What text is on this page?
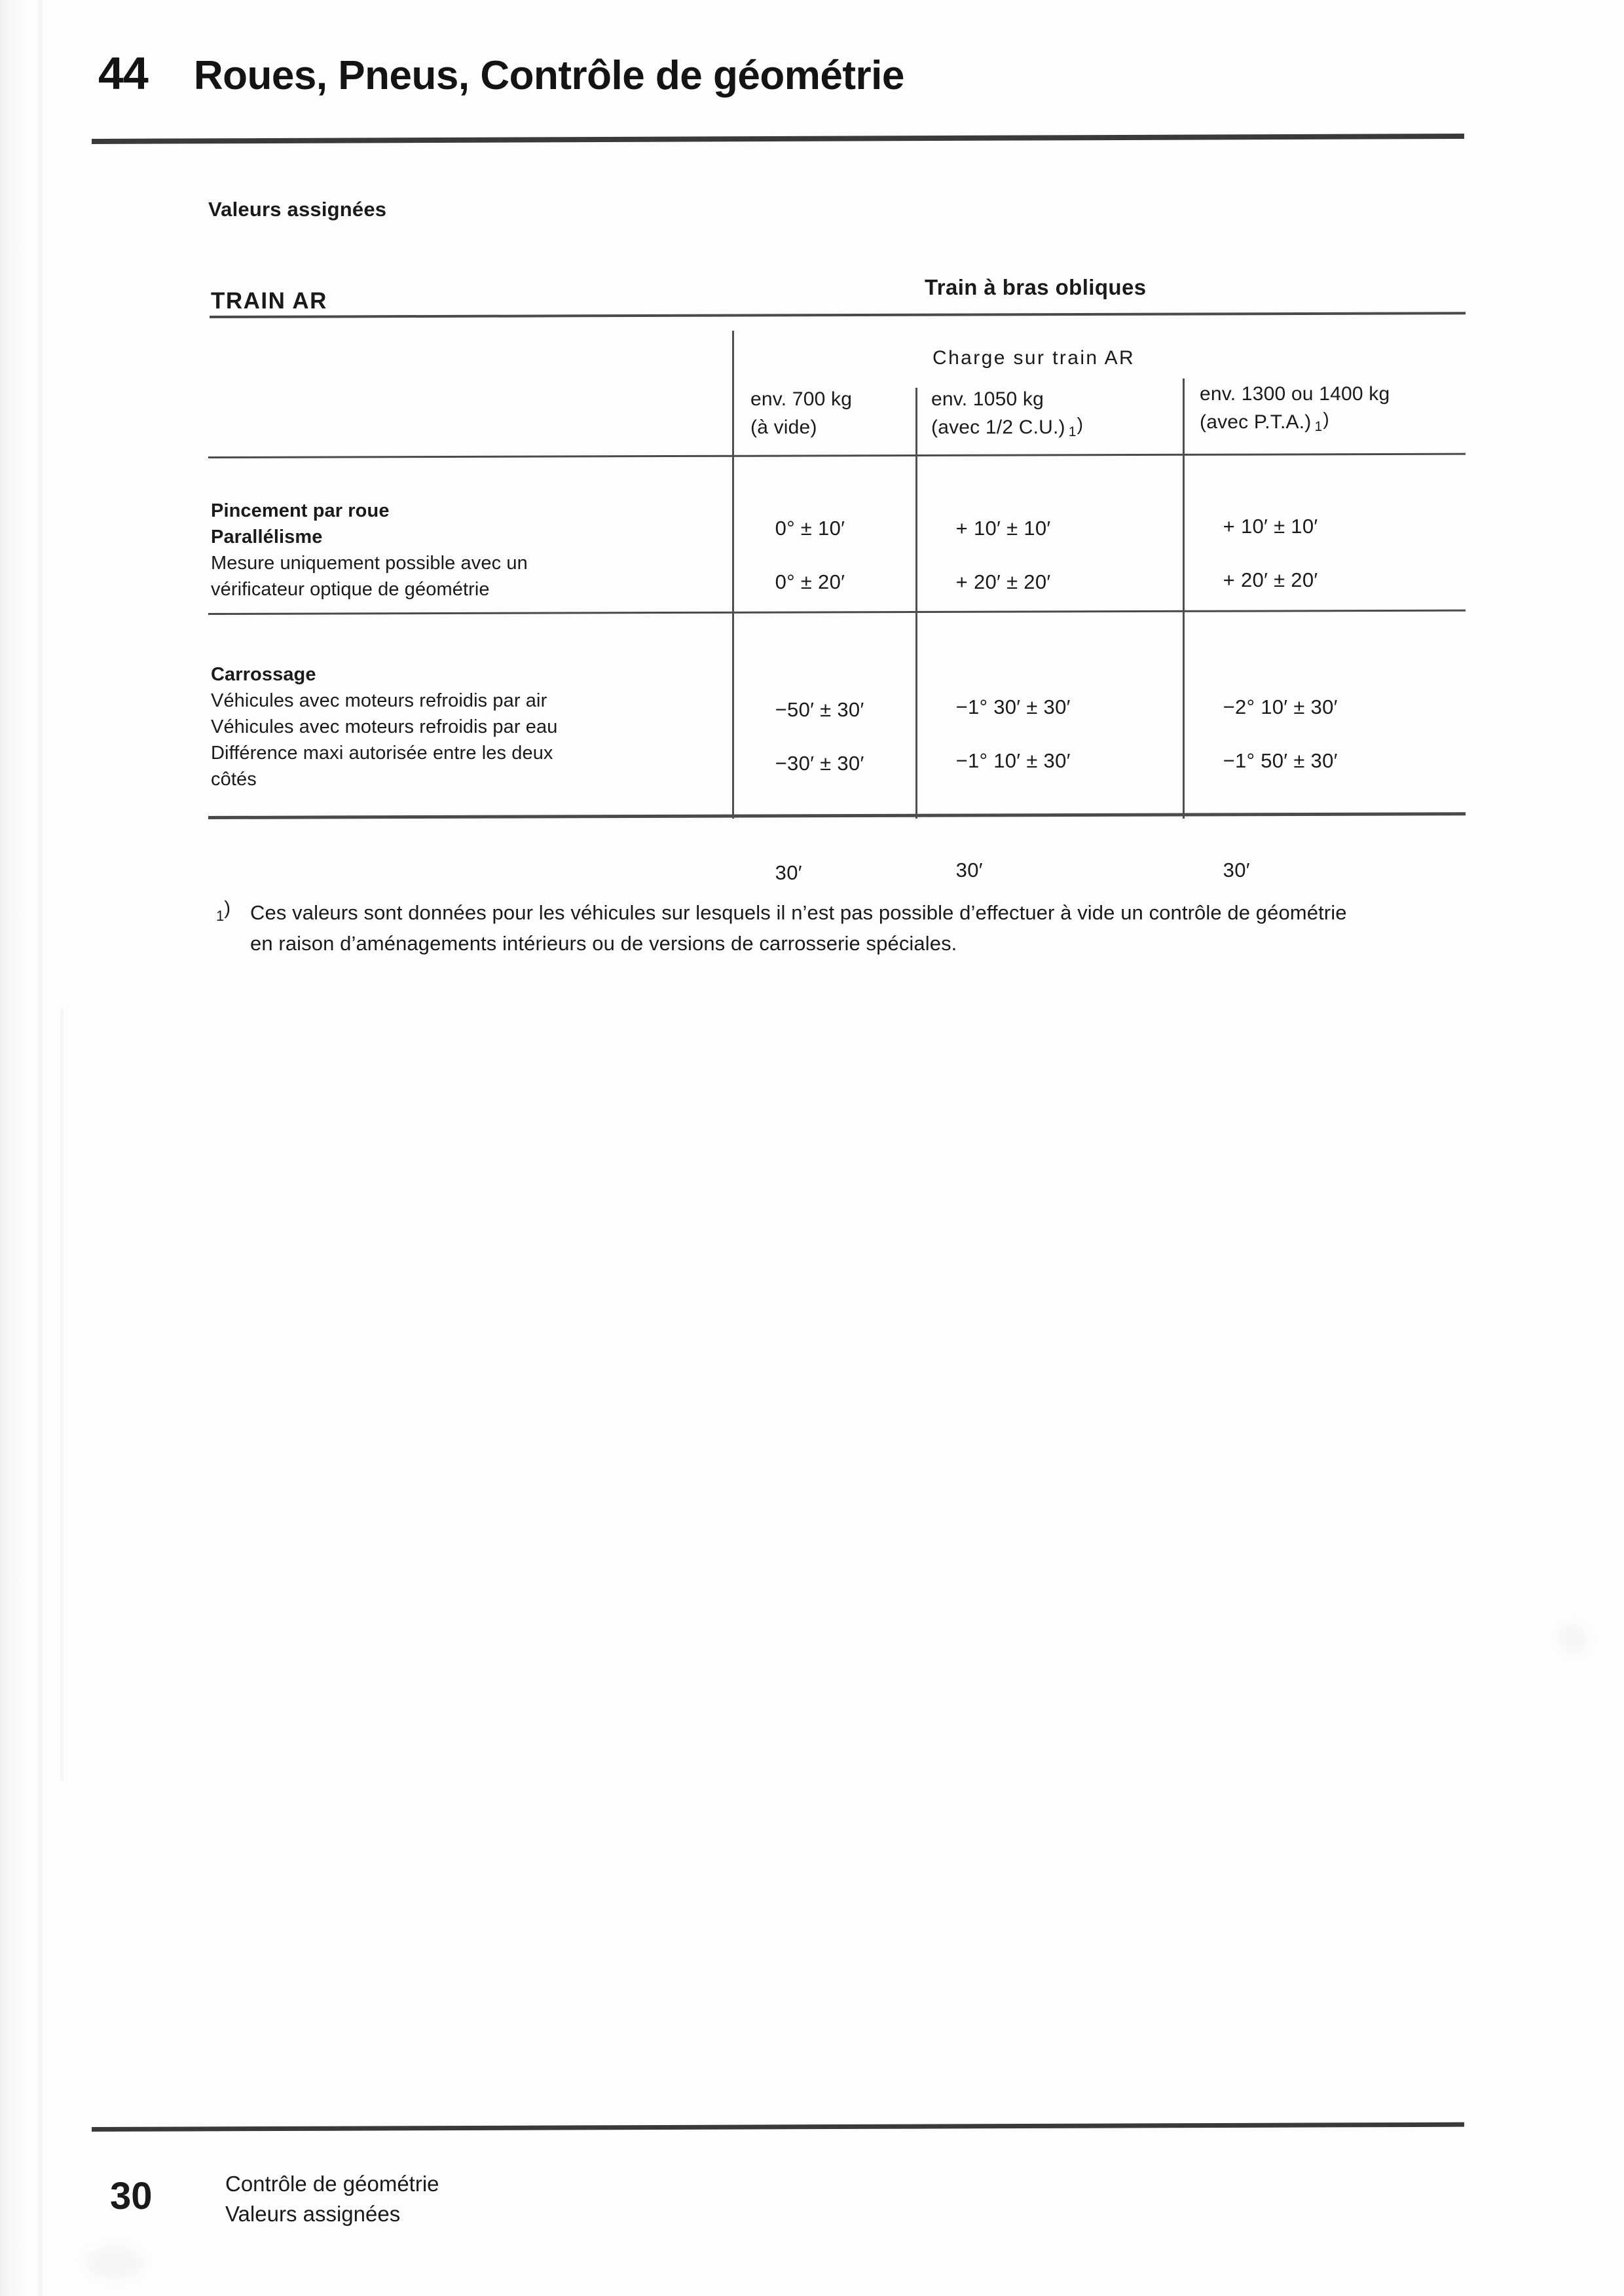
44 Roues, Pneus, Contrôle de géométrie
Valeurs assignées
TRAIN AR
Train à bras obliques
Charge sur train AR
env. 700 kg
(à vide)
env. 1050 kg
(avec 1/2 C.U.) 1)
env. 1300 ou 1400 kg
(avec P.T.A.) 1)
Pincement par roue
Parallélisme
Mesure uniquement possible avec un
vérificateur optique de géométrie

0° ± 10′

0° ± 20′

+ 10′ ± 10′

+ 20′ ± 20′

+ 10′ ± 10′

+ 20′ ± 20′

Carrossage
Véhicules avec moteurs refroidis par air
Véhicules avec moteurs refroidis par eau
Différence maxi autorisée entre les deux
côtés

−50′ ± 30′

−30′ ± 30′

30′

−1° 30′ ± 30′

−1° 10′ ± 30′

30′

−2° 10′ ± 30′

−1° 50′ ± 30′

30′

1) Ces valeurs sont données pour les véhicules sur lesquels il n’est pas possible d’effectuer à vide un contrôle de géométrie en raison d’aménagements intérieurs ou de versions de carrosserie spéciales.
30	Contrôle de géométrie
Valeurs assignées
